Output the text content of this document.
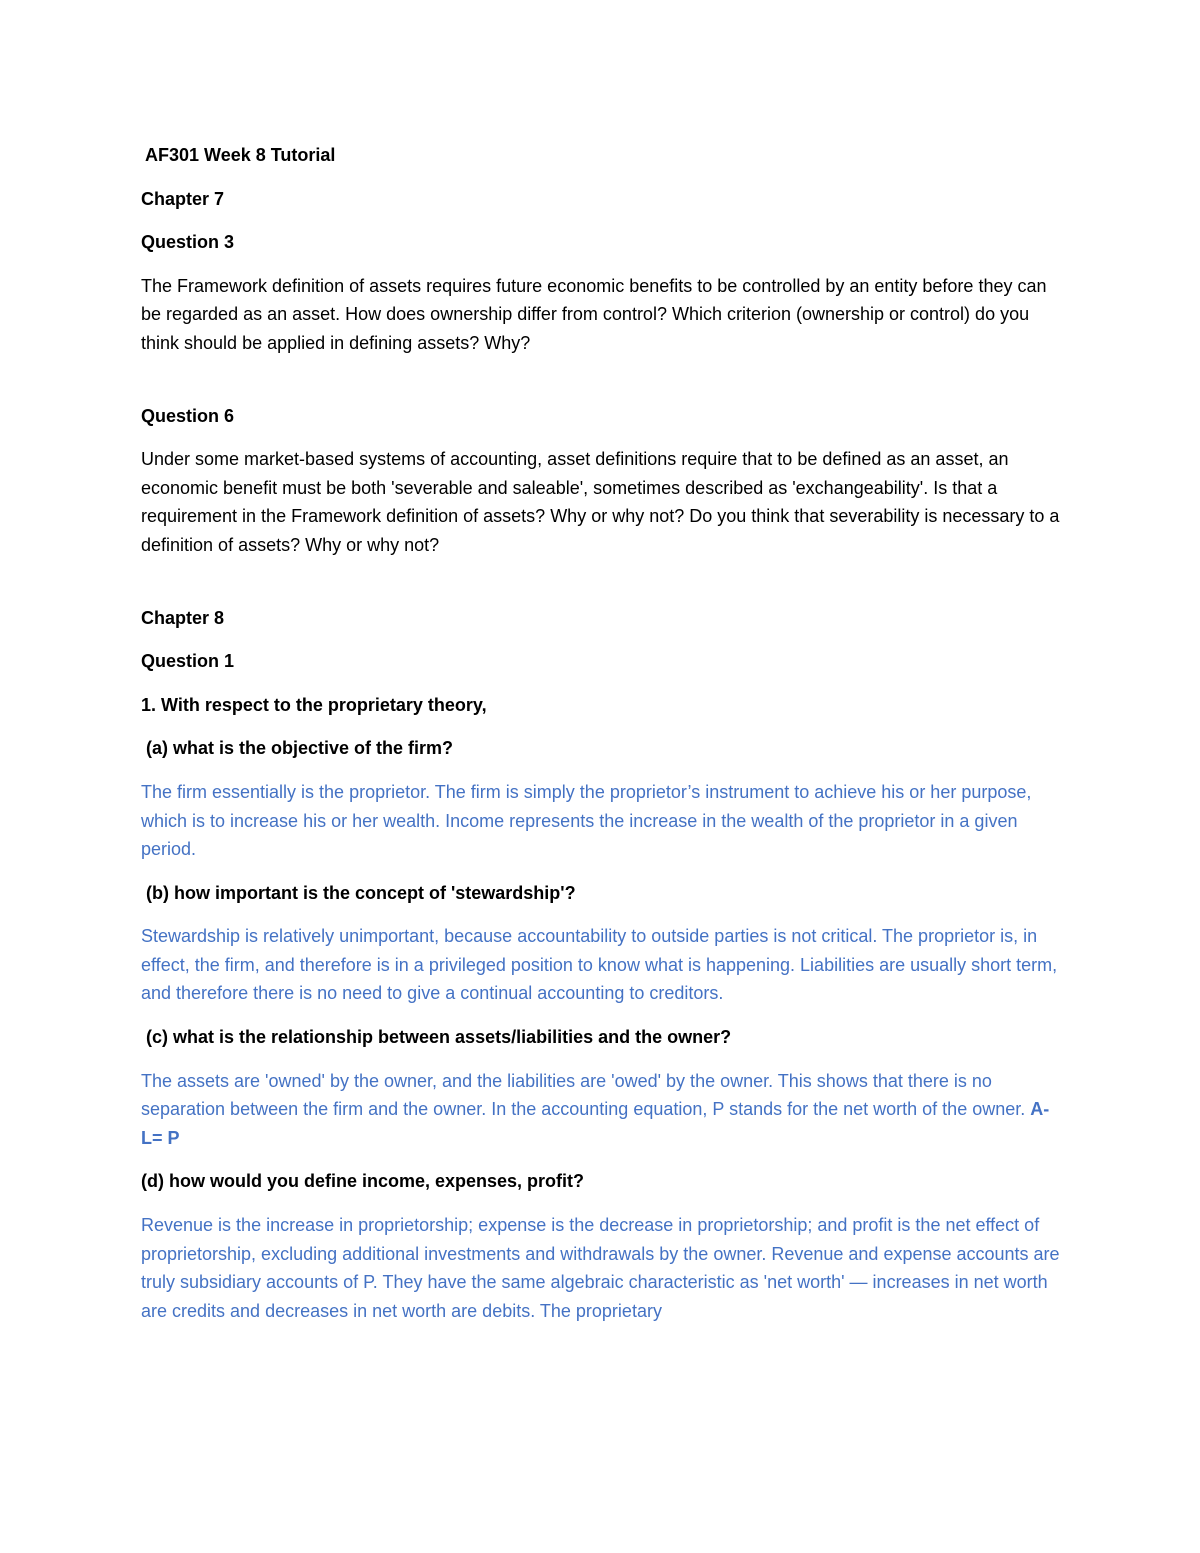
AF301 Week 8 Tutorial
Chapter 7
Question 3
The Framework definition of assets requires future economic benefits to be controlled by an entity before they can be regarded as an asset. How does ownership differ from control? Which criterion (ownership or control) do you think should be applied in defining assets? Why?
Question 6
Under some market-based systems of accounting, asset definitions require that to be defined as an asset, an economic benefit must be both 'severable and saleable', sometimes described as 'exchangeability'. Is that a requirement in the Framework definition of assets? Why or why not? Do you think that severability is necessary to a definition of assets? Why or why not?
Chapter 8
Question 1
1. With respect to the proprietary theory,
(a) what is the objective of the firm?
The firm essentially is the proprietor. The firm is simply the proprietor’s instrument to achieve his or her purpose, which is to increase his or her wealth. Income represents the increase in the wealth of the proprietor in a given period.
(b) how important is the concept of 'stewardship'?
Stewardship is relatively unimportant, because accountability to outside parties is not critical. The proprietor is, in effect, the firm, and therefore is in a privileged position to know what is happening. Liabilities are usually short term, and therefore there is no need to give a continual accounting to creditors.
(c) what is the relationship between assets/liabilities and the owner?
The assets are 'owned' by the owner, and the liabilities are 'owed' by the owner. This shows that there is no separation between the firm and the owner. In the accounting equation, P stands for the net worth of the owner. A-L= P
(d) how would you define income, expenses, profit?
Revenue is the increase in proprietorship; expense is the decrease in proprietorship; and profit is the net effect of proprietorship, excluding additional investments and withdrawals by the owner. Revenue and expense accounts are truly subsidiary accounts of P. They have the same algebraic characteristic as 'net worth' — increases in net worth are credits and decreases in net worth are debits. The proprietary
